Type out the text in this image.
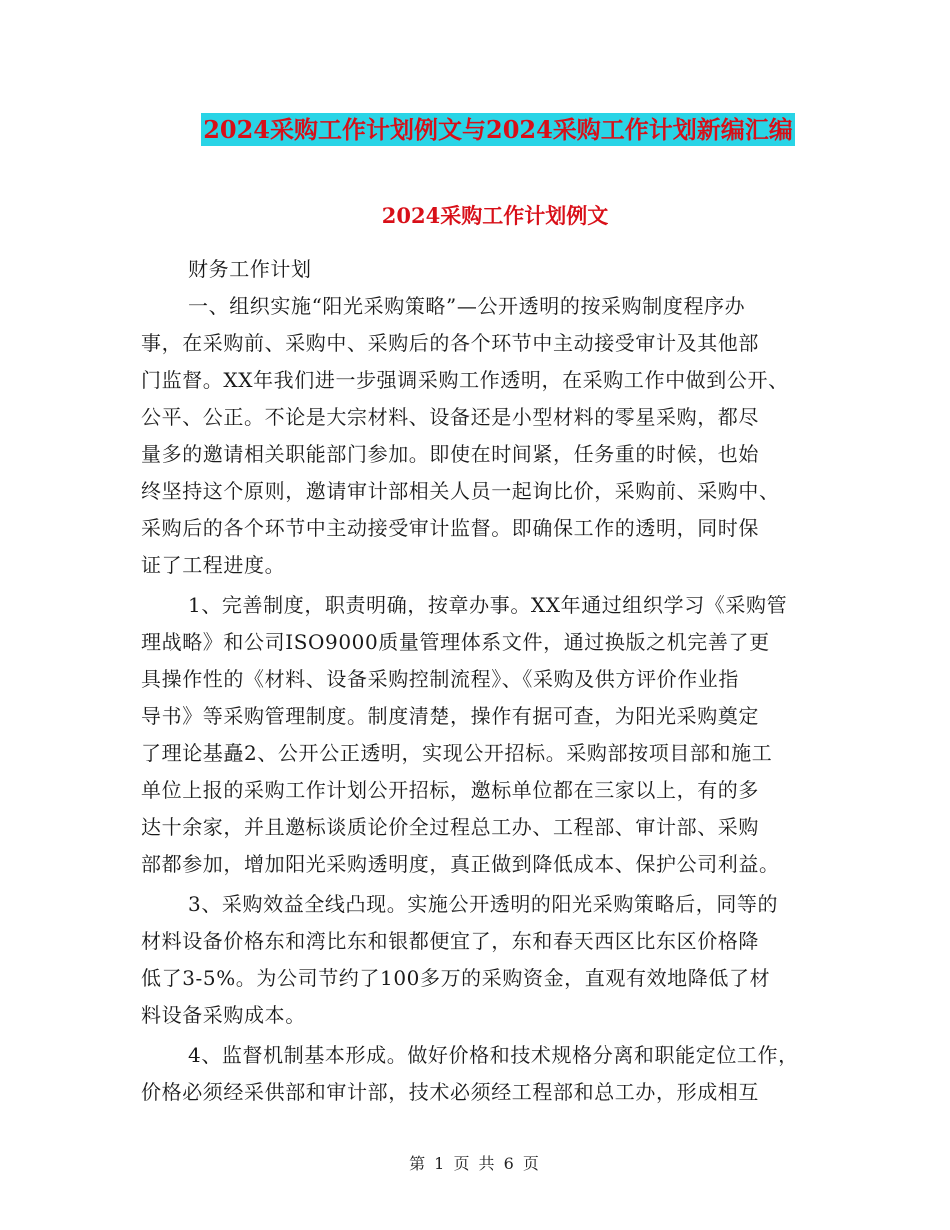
2024采购工作计划例文与2024采购工作计划新编汇编
2024采购工作计划例文
财务工作计划
一、组织实施“阳光采购策略”—公开透明的按采购制度程序办
事，在采购前、采购中、采购后的各个环节中主动接受审计及其他部
门监督。XX年我们进一步强调采购工作透明，在采购工作中做到公开、
公平、公正。不论是大宗材料、设备还是小型材料的零星采购，都尽
量多的邀请相关职能部门参加。即使在时间紧，任务重的时候，也始
终坚持这个原则，邀请审计部相关人员一起询比价，采购前、采购中、
采购后的各个环节中主动接受审计监督。即确保工作的透明，同时保
证了工程进度。
1、完善制度，职责明确，按章办事。XX年通过组织学习《采购管
理战略》和公司ISO9000质量管理体系文件，通过换版之机完善了更
具操作性的《材料、设备采购控制流程》、《采购及供方评价作业指
导书》等采购管理制度。制度清楚，操作有据可查，为阳光采购奠定
了理论基矗2、公开公正透明，实现公开招标。采购部按项目部和施工
单位上报的采购工作计划公开招标，邀标单位都在三家以上，有的多
达十余家，并且邀标谈质论价全过程总工办、工程部、审计部、采购
部都参加，增加阳光采购透明度，真正做到降低成本、保护公司利益。
3、采购效益全线凸现。实施公开透明的阳光采购策略后，同等的
材料设备价格东和湾比东和银都便宜了，东和春天西区比东区价格降
低了3-5%。为公司节约了100多万的采购资金，直观有效地降低了材
料设备采购成本。
4、监督机制基本形成。做好价格和技术规格分离和职能定位工作，
价格必须经采供部和审计部，技术必须经工程部和总工办，形成相互
第 1 页 共 6 页
